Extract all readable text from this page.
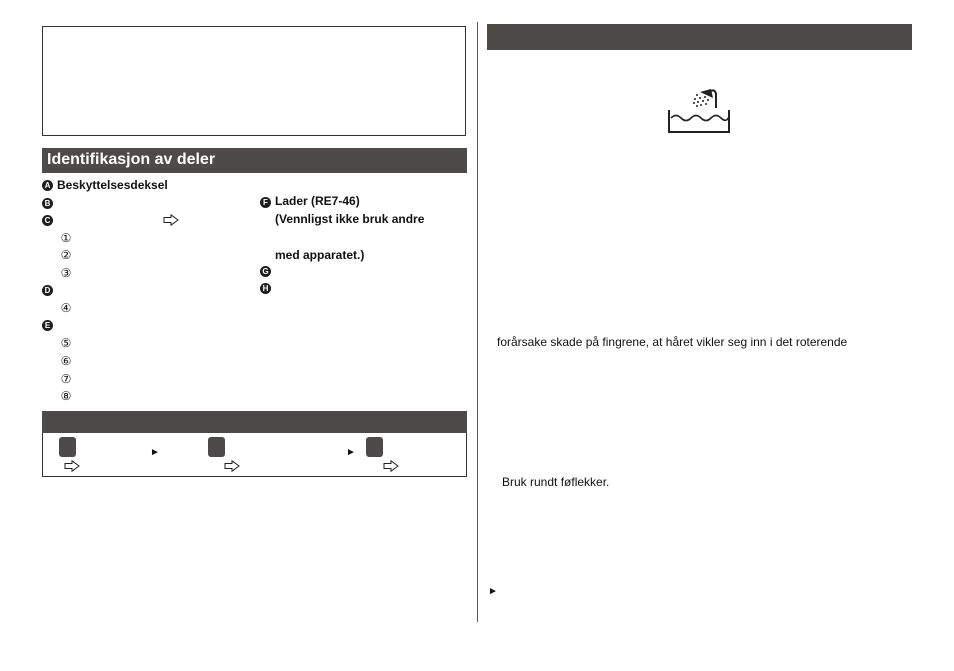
Identifikasjon av deler
A Beskyttelsesdeksel
B
C
①
②
③
D
④
E
⑤
⑥
⑦
⑧
F Lader (RE7-46)
(Vennligst ikke bruk andre
med apparatet.)
G
H
►	►
forårsake skade på fingrene, at håret vikler seg inn i det roterende
Bruk rundt føflekker.
►
